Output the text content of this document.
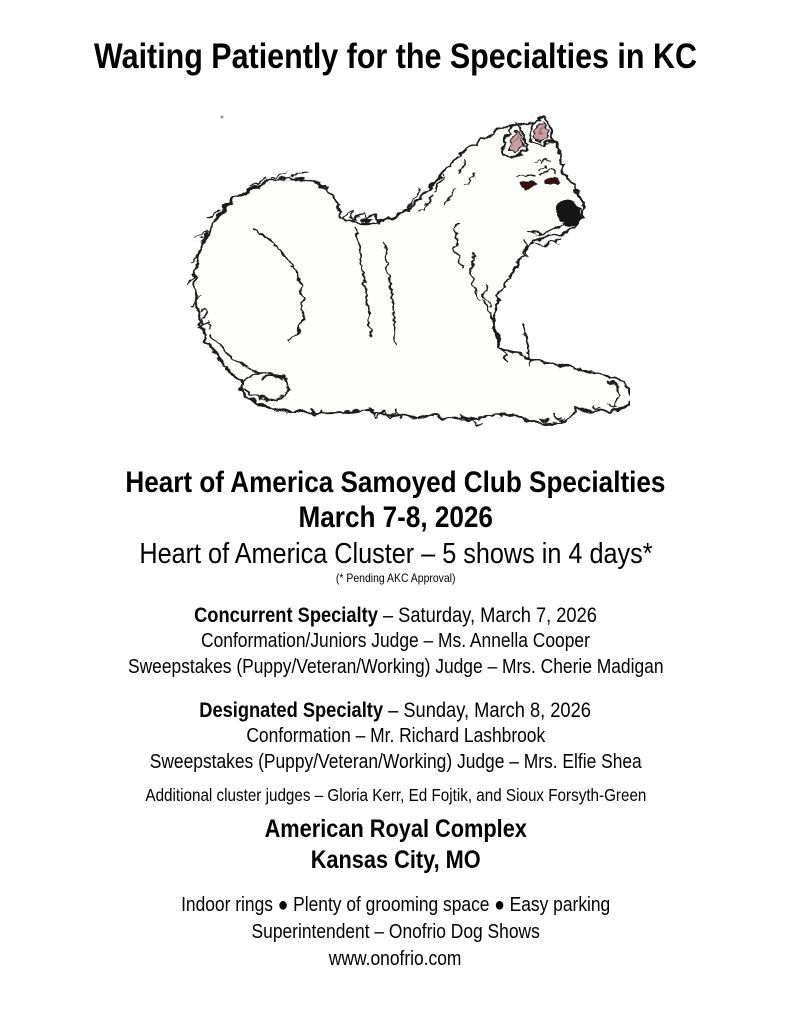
Waiting Patiently for the Specialties in KC
Heart of America Samoyed Club Specialties
March 7-8, 2026
Heart of America Cluster – 5 shows in 4 days*
(* Pending AKC Approval)
Concurrent Specialty – Saturday, March 7, 2026
Conformation/Juniors Judge – Ms. Annella Cooper
Sweepstakes (Puppy/Veteran/Working) Judge – Mrs. Cherie Madigan
Designated Specialty – Sunday, March 8, 2026
Conformation – Mr. Richard Lashbrook
Sweepstakes (Puppy/Veteran/Working) Judge – Mrs. Elfie Shea
Additional cluster judges – Gloria Kerr, Ed Fojtik, and Sioux Forsyth-Green
American Royal Complex
Kansas City, MO
Indoor rings ● Plenty of grooming space ● Easy parking
Superintendent – Onofrio Dog Shows
www.onofrio.com
